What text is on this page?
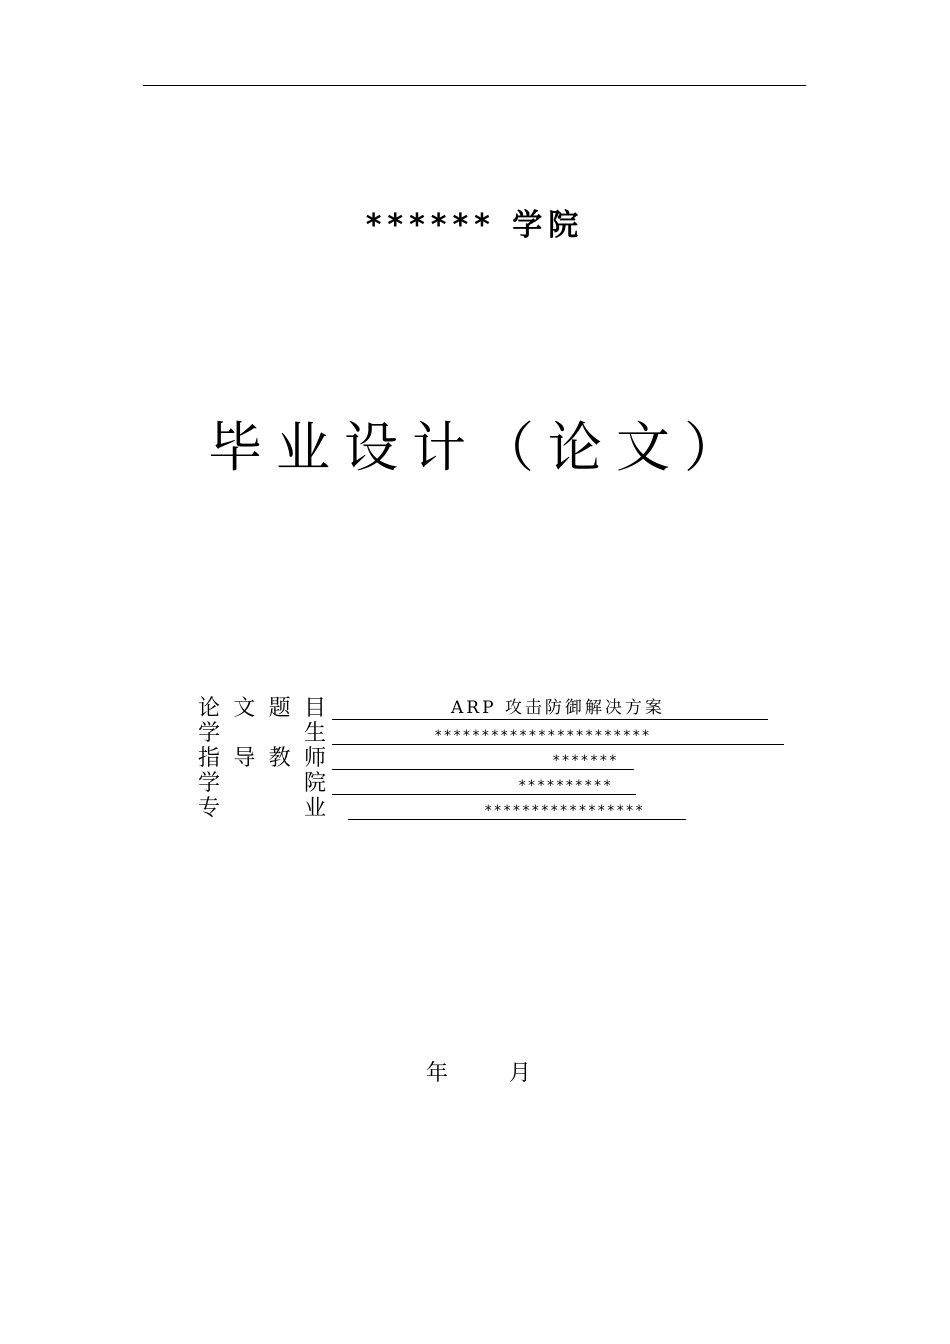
****** 学院
毕业设计（论文）
论 文 题 目	ARP 攻击防御解决方案
学	生	***********************
指 导 教 师	*******
学	院	**********
专	业	*****************
年	月
